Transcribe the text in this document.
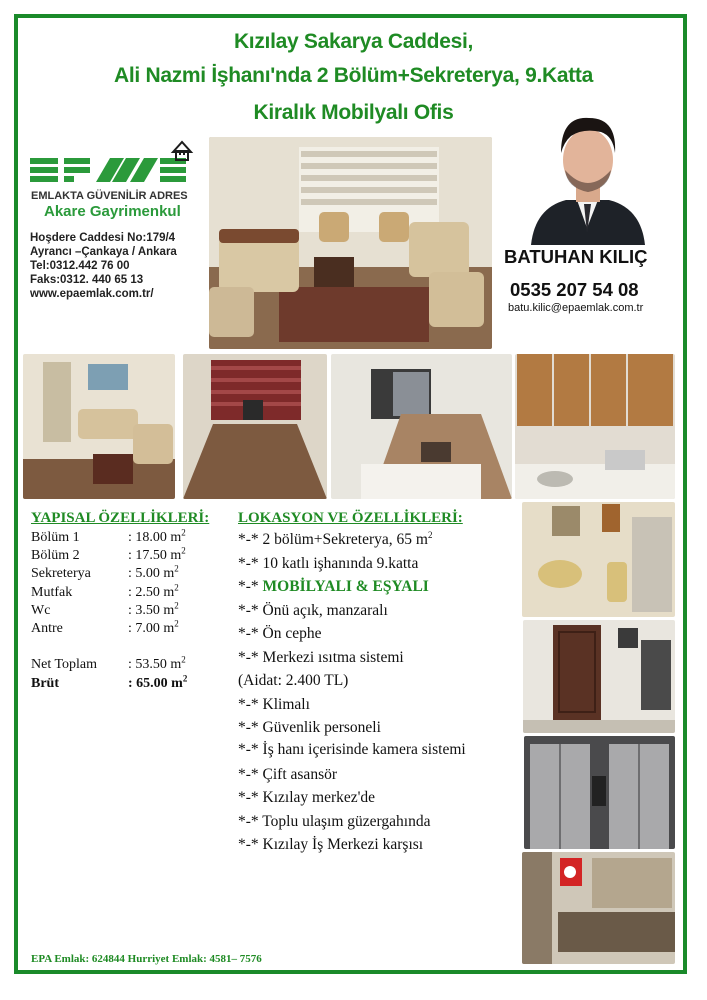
Kızılay Sakarya Caddesi,
Ali Nazmi İşhanı'nda 2 Bölüm+Sekreterya, 9.Katta
Kiralık Mobilyalı Ofis
EMLAKTA GÜVENİLİR ADRES
Akare Gayrimenkul
Hoşdere Caddesi No:179/4
Ayrancı –Çankaya / Ankara
Tel:0312.442 76 00
Faks:0312. 440 65 13
www.epaemlak.com.tr/
BATUHAN KILIÇ
0535 207 54 08
batu.kilic@epaemlak.com.tr
YAPISAL ÖZELLİKLERİ:
Bölüm 1	: 18.00 $m^2$
Bölüm 2	: 17.50 $m^2$
Sekreterya	: 5.00 $m^2$
Mutfak	: 2.50 $m^2$
Wc	: 3.50 $m^2$
Antre	: 7.00 $m^2$

Net Toplam	: 53.50 $m^2$
Brüt	: 65.00 $m^2$
LOKASYON VE ÖZELLİKLERİ:
*-* 2 bölüm+Sekreterya, 65 $m^2$
*-* 10 katlı işhanında 9.katta
*-* MOBİLYALI & EŞYALI
*-* Önü açık, manzaralı
*-* Ön cephe
*-* Merkezi ısıtma sistemi
(Aidat: 2.400 TL)
*-* Klimalı
*-* Güvenlik personeli
*-* İş hanı içerisinde kamera sistemi
*-* Çift asansör
*-* Kızılay merkez'de
*-* Toplu ulaşım güzergahında
*-* Kızılay İş Merkezi karşısı
EPA Emlak: 624844 Hurriyet Emlak: 4581– 7576
